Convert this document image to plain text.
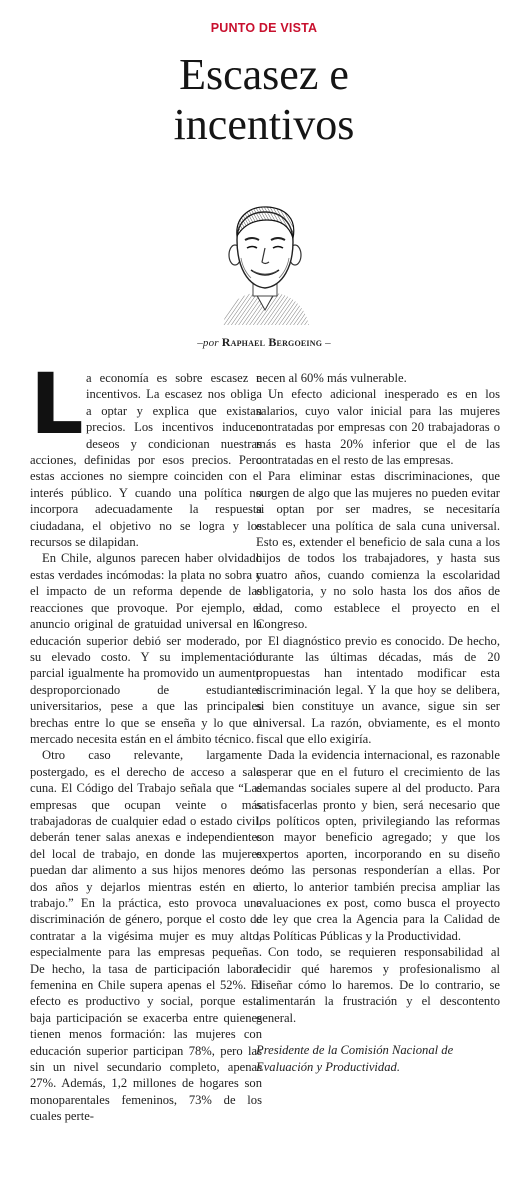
PUNTO DE VISTA
Escasez e
incentivos
–por Raphael Bergoeing –

La economía es sobre escasez e incentivos. La escasez nos obliga a optar y explica que existan precios. Los incentivos inducen deseos y condicionan nuestras acciones, definidas por esos precios. Pero estas acciones no siempre coinciden con el interés público. Y cuando una política no incorpora adecuadamente la respuesta ciudadana, el objetivo no se logra y los recursos se dilapidan.

En Chile, algunos parecen haber olvidado estas verdades incómodas: la plata no sobra y el impacto de un reforma depende de las reacciones que provoque. Por ejemplo, el anuncio original de gratuidad universal en la educación superior debió ser moderado, por su elevado costo. Y su implementación parcial igualmente ha promovido un aumento desproporcionado de estudiantes universitarios, pese a que las principales brechas entre lo que se enseña y lo que el mercado necesita están en el ámbito técnico.

Otro caso relevante, largamente postergado, es el derecho de acceso a sala cuna. El Código del Trabajo señala que “Las empresas que ocupan veinte o más trabajadoras de cualquier edad o estado civil, deberán tener salas anexas e independientes del local de trabajo, en donde las mujeres puedan dar alimento a sus hijos menores de dos años y dejarlos mientras estén en el trabajo.” En la práctica, esto provoca una discriminación de género, porque el costo de contratar a la vigésima mujer es muy alto, especialmente para las empresas pequeñas. De hecho, la tasa de participación laboral femenina en Chile supera apenas el 52%. El efecto es productivo y social, porque esta baja participación se exacerba entre quienes tienen menos formación: las mujeres con educación superior participan 78%, pero las sin un nivel secundario completo, apenas 27%. Además, 1,2 millones de hogares son monoparentales femeninos, 73% de los cuales perte-

necen al 60% más vulnerable.

Un efecto adicional inesperado es en los salarios, cuyo valor inicial para las mujeres contratadas por empresas con 20 trabajadoras o más es hasta 20% inferior que el de las contratadas en el resto de las empresas.

Para eliminar estas discriminaciones, que surgen de algo que las mujeres no pueden evitar si optan por ser madres, se necesitaría establecer una política de sala cuna universal. Esto es, extender el beneficio de sala cuna a los hijos de todos los trabajadores, y hasta sus cuatro años, cuando comienza la escolaridad obligatoria, y no solo hasta los dos años de edad, como establece el proyecto en el Congreso.

El diagnóstico previo es conocido. De hecho, durante las últimas décadas, más de 20 propuestas han intentado modificar esta discriminación legal. Y la que hoy se delibera, si bien constituye un avance, sigue sin ser universal. La razón, obviamente, es el monto fiscal que ello exigiría.

Dada la evidencia internacional, es razonable esperar que en el futuro el crecimiento de las demandas sociales supere al del producto. Para satisfacerlas pronto y bien, será necesario que los políticos opten, privilegiando las reformas con mayor beneficio agregado; y que los expertos aporten, incorporando en su diseño cómo las personas responderían a ellas. Por cierto, lo anterior también precisa ampliar las evaluaciones ex post, como busca el proyecto de ley que crea la Agencia para la Calidad de las Políticas Públicas y la Productividad.

Con todo, se requieren responsabilidad al decidir qué haremos y profesionalismo al diseñar cómo lo haremos. De lo contrario, se alimentarán la frustración y el descontento general.

Presidente de la Comisión Nacional de Evaluación y Productividad.
